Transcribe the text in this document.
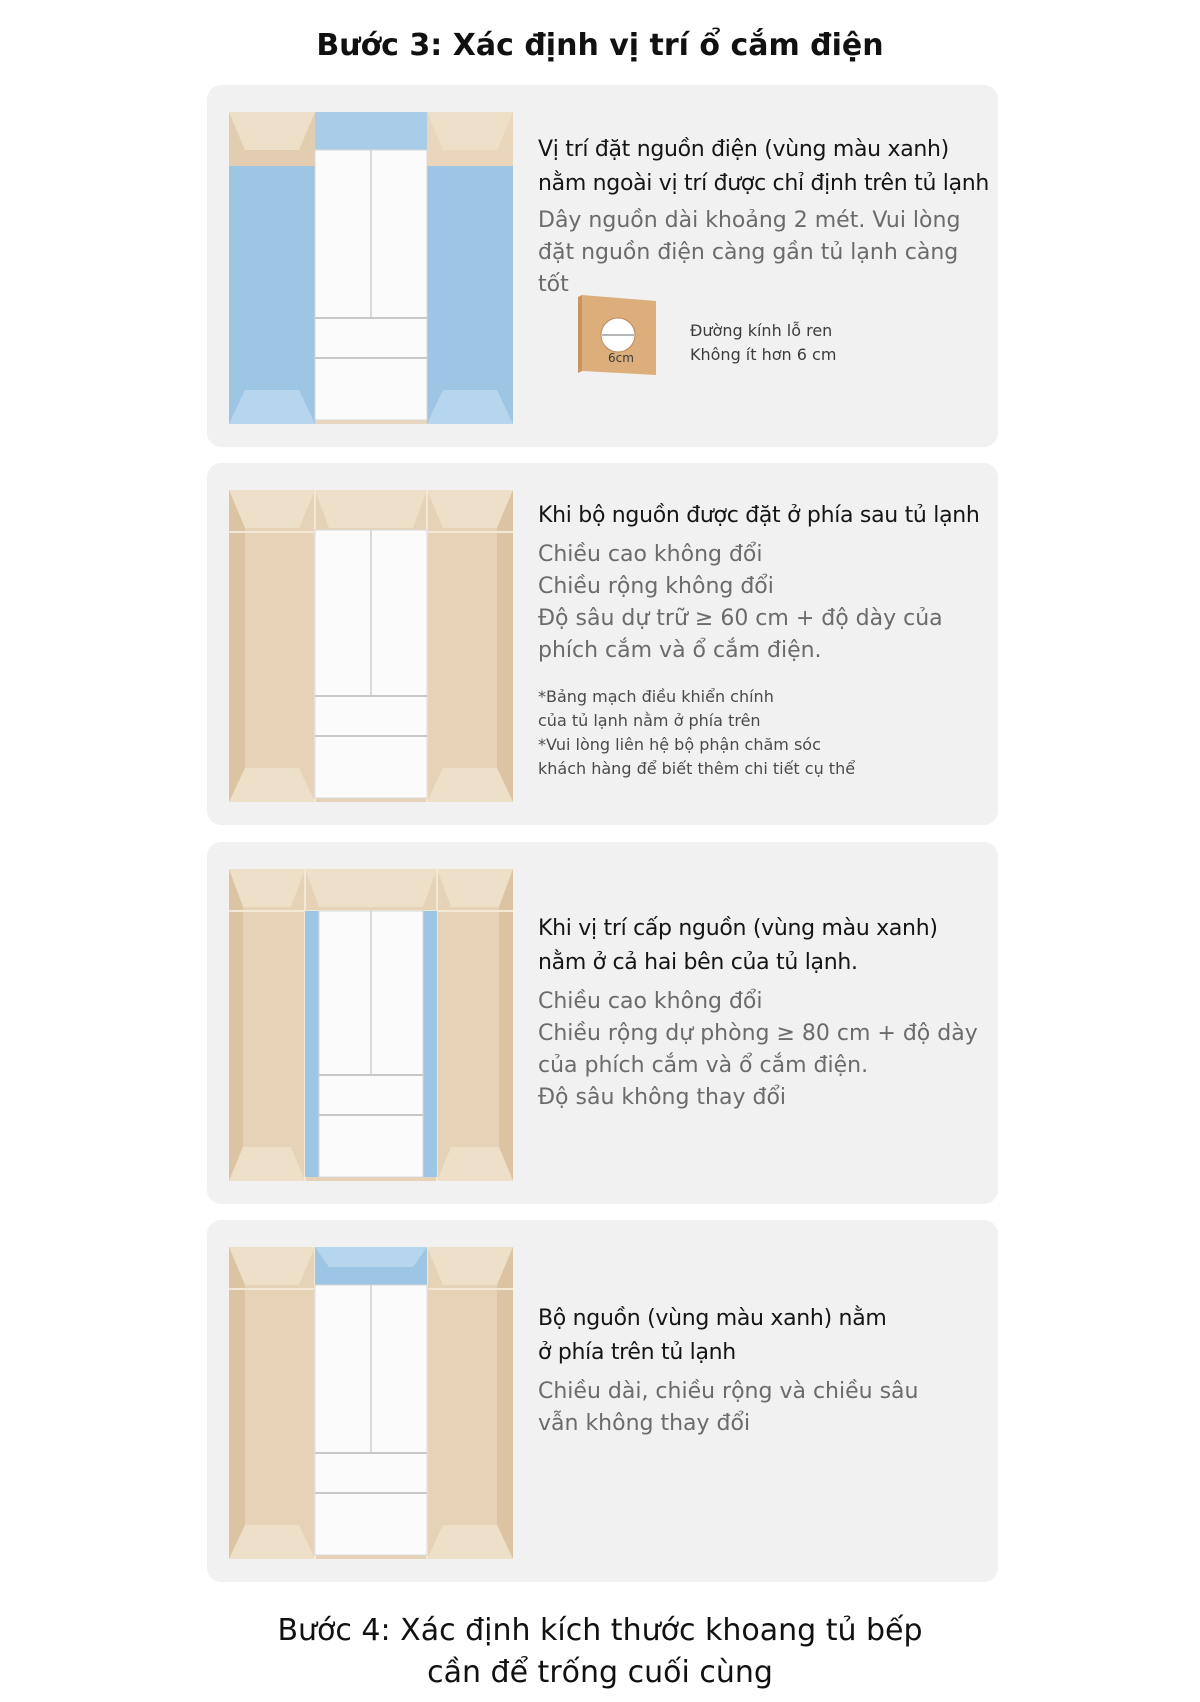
Bước 3: Xác định vị trí ổ cắm điện
Vị trí đặt nguồn điện (vùng màu xanh)
nằm ngoài vị trí được chỉ định trên tủ lạnh
Dây nguồn dài khoảng 2 mét. Vui lòng
đặt nguồn điện càng gần tủ lạnh càng tốt
6cm
Đường kính lỗ ren
Không ít hơn 6 cm
Khi bộ nguồn được đặt ở phía sau tủ lạnh
Chiều cao không đổi
Chiều rộng không đổi
Độ sâu dự trữ ≥ 60 cm + độ dày của
phích cắm và ổ cắm điện.
*Bảng mạch điều khiển chính
của tủ lạnh nằm ở phía trên
*Vui lòng liên hệ bộ phận chăm sóc
khách hàng để biết thêm chi tiết cụ thể
Khi vị trí cấp nguồn (vùng màu xanh)
nằm ở cả hai bên của tủ lạnh.
Chiều cao không đổi
Chiều rộng dự phòng ≥ 80 cm + độ dày
của phích cắm và ổ cắm điện.
Độ sâu không thay đổi
Bộ nguồn (vùng màu xanh) nằm
ở phía trên tủ lạnh
Chiều dài, chiều rộng và chiều sâu
vẫn không thay đổi
Bước 4: Xác định kích thước khoang tủ bếp
cần để trống cuối cùng
